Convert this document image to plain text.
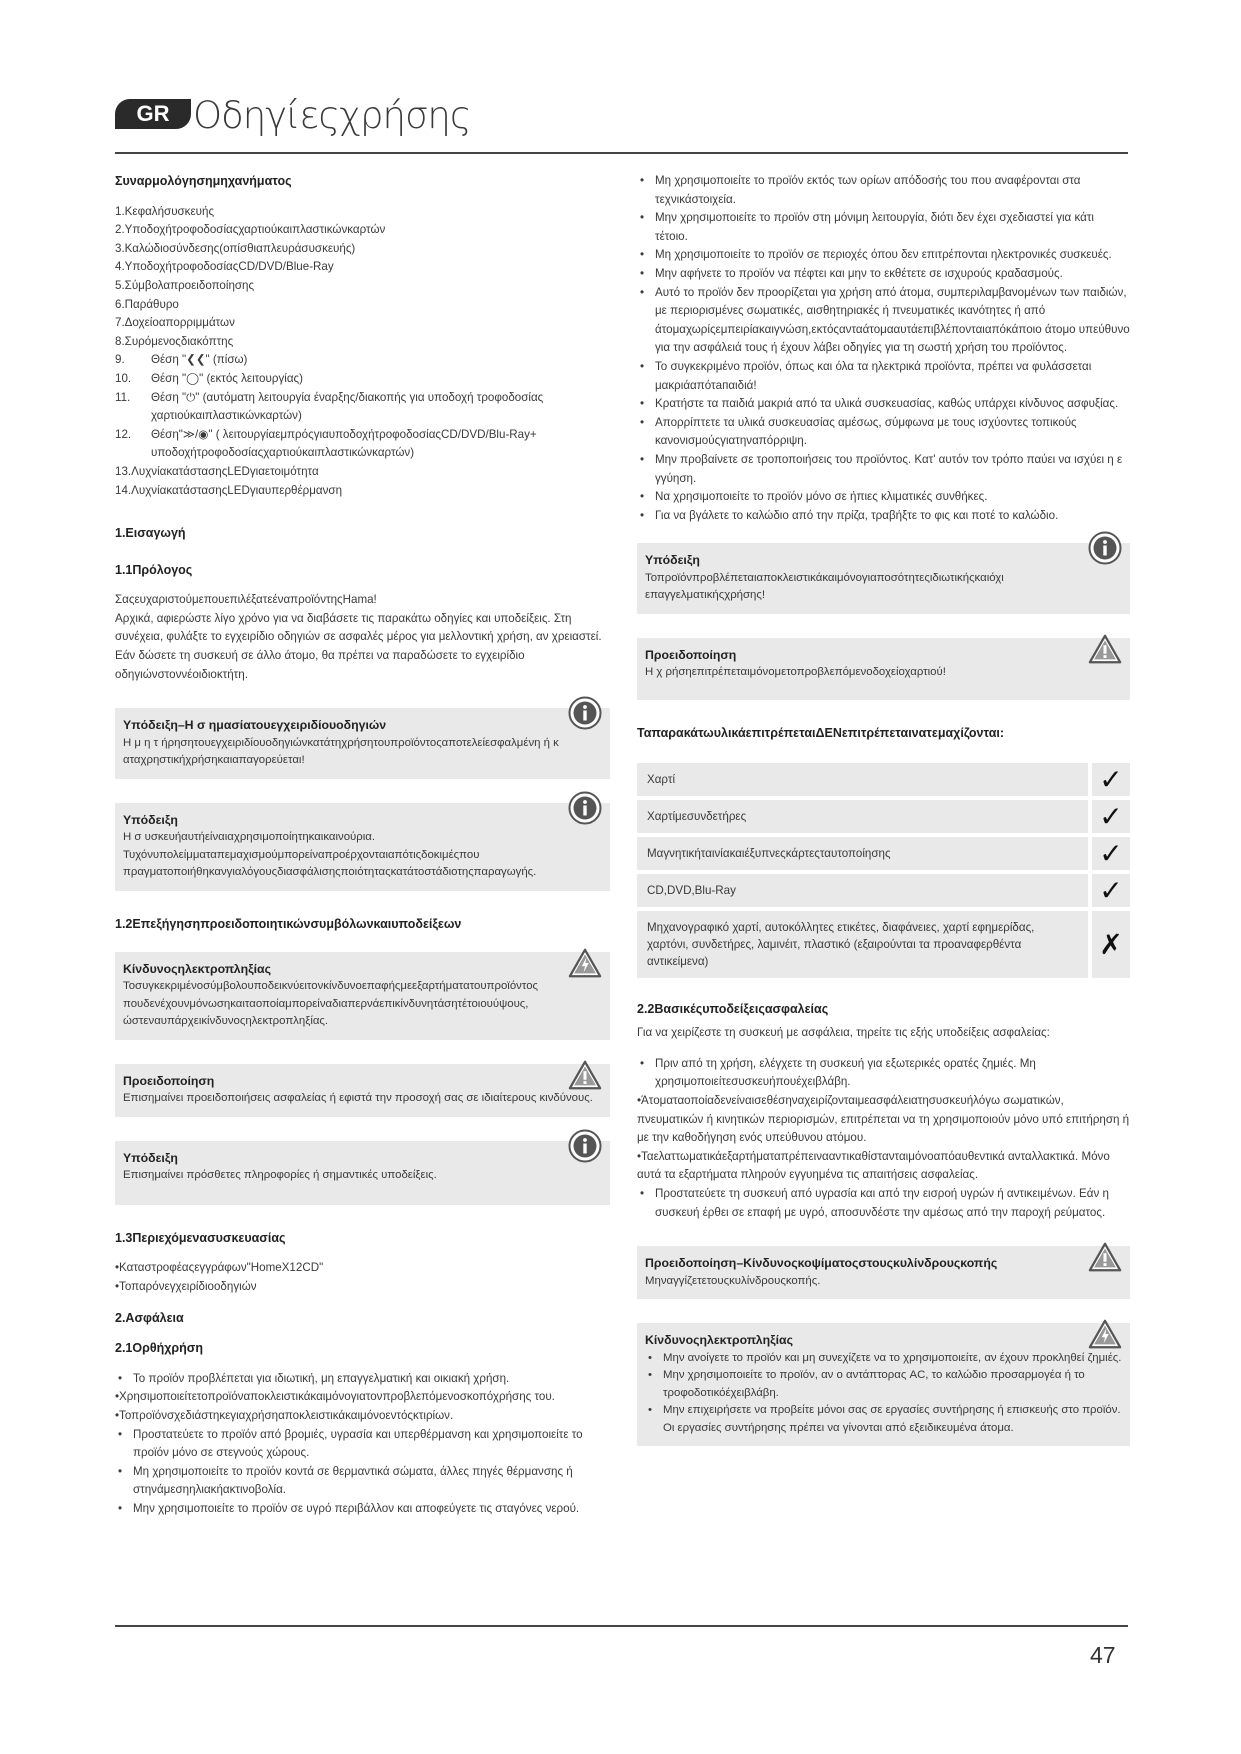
GR Οδηγίεςχρήσης
Συναρμολόγησημηχανήματος
1.Κεφαλήσυσκευής
2.Υποδοχήτροφοδοσίαςχαρτιούκαιπλαστικώνκαρτών
3.Καλώδιοσύνδεσης(οπίσθιαπλευράσυσκευής)
4.ΥποδοχήτροφοδοσίαςCD/DVD/Blue-Ray
5.Σύμβολαπροειδοποίησης
6.Παράθυρο
7.Δοχείοαπορριμμάτων
8.Συρόμενοςδιακόπτης
9.	Θέση "❮❮" (πίσω)
10.	Θέση "◯" (εκτός λειτουργίας)
11.	Θέση "⏻" (αυτόματη λειτουργία έναρξης/διακοπής για υποδοχή τροφοδοσίας χαρτιούκαιπλαστικώνκαρτών)
12.	Θέση"≫/◉" ( λειτουργίαεμπρόςγιαυποδοχήτροφοδοσίαςCD/DVD/Blu-Ray+ υποδοχήτροφοδοσίαςχαρτιούκαιπλαστικώνκαρτών)
13.ΛυχνίακατάστασηςLEDγιαετοιμότητα
14.ΛυχνίακατάστασηςLEDγιαυπερθέρμανση
1.Εισαγωγή
1.1Πρόλογος

ΣαςευχαριστούμεπουεπιλέξατεέναπροϊόντηςHama!

Αρχικά, αφιερώστε λίγο χρόνο για να διαβάσετε τις παρακάτω οδηγίες και υποδείξεις. Στη συνέχεια, φυλάξτε το εγχειρίδιο οδηγιών σε ασφαλές μέρος για μελλοντική χρήση, αν χρειαστεί. Εάν δώσετε τη συσκευή σε άλλο άτομο, θα πρέπει να παραδώσετε το εγχειρίδιο οδηγιώνστοννέοιδιοκτήτη.

Υπόδειξη–Η σ ημασίατουεγχειριδίουοδηγιών
Η μ η τ ήρησητουεγχειριδίουοδηγιώνκατάτηχρήσητουπροϊόντοςαποτελείεσφαλμένη ή κ αταχρηστικήχρήσηκαιαπαγορεύεται!
Υπόδειξη
Η σ υσκευήαυτήείναιαχρησιμοποίητηκαικαινούρια.
Τυχόνυπολείμματαπεμαχισμούμπορείναπροέρχονταιαπότιςδοκιμέςπου πραγματοποιήθηκανγιαλόγουςδιασφάλισηςποιότηταςκατάτοστάδιοτηςπαραγωγής.
1.2Επεξήγησηπροειδοποιητικώνσυμβόλωνκαιυποδείξεων
Κίνδυνοςηλεκτροπληξίας
Τοσυγκεκριμένοσύμβολουποδεικνύειτονκίνδυνοεπαφήςμεεξαρτήματατουπροϊόντος πουδενέχουνμόνωσηκαιταοποίαμπορείναδιαπερνάεπικίνδυνητάσητέτοιουύψους, ώστεναυπάρχεικίνδυνοςηλεκτροπληξίας.
Προειδοποίηση
Επισημαίνει προειδοποιήσεις ασφαλείας ή εφιστά την προσοχή σας σε ιδιαίτερους κινδύνους.
Υπόδειξη
Επισημαίνει πρόσθετες πληροφορίες ή σημαντικές υποδείξεις.
1.3Περιεχόμενασυσκευασίας
•Καταστροφέαςεγγράφων"HomeX12CD"
•Τοπαρόνεγχειρίδιοοδηγιών
2.Ασφάλεια
2.1Ορθήχρήση
• Το προϊόν προβλέπεται για ιδιωτική, μη επαγγελματική και οικιακή χρήση.
•Χρησιμοποιείτετοπροϊόναποκλειστικάκαιμόνογιατονπροβλεπόμενοσκοπόχρήσης του.
•Τοπροϊόνσχεδιάστηκεγιαχρήσηαποκλειστικάκαιμόνοεντόςκτιρίων.
• Προστατεύετε το προϊόν από βρομιές, υγρασία και υπερθέρμανση και χρησιμοποιείτε το προϊόν μόνο σε στεγνούς χώρους.
• Μη χρησιμοποιείτε το προϊόν κοντά σε θερμαντικά σώματα, άλλες πηγές θέρμανσης ή στηνάμεσηηλιακήακτινοβολία.
• Μην χρησιμοποιείτε το προϊόν σε υγρό περιβάλλον και αποφεύγετε τις σταγόνες νερού.
• Μη χρησιμοποιείτε το προϊόν εκτός των ορίων απόδοσής του που αναφέρονται στα τεχνικάστοιχεία.
• Μην χρησιμοποιείτε το προϊόν στη μόνιμη λειτουργία, διότι δεν έχει σχεδιαστεί για κάτι τέτοιο.
• Μη χρησιμοποιείτε το προϊόν σε περιοχές όπου δεν επιτρέπονται ηλεκτρονικές συσκευές.
• Μην αφήνετε το προϊόν να πέφτει και μην το εκθέτετε σε ισχυρούς κραδασμούς.
• Αυτό το προϊόν δεν προορίζεται για χρήση από άτομα, συμπεριλαμβανομένων των παιδιών, με περιορισμένες σωματικές, αισθητηριακές ή πνευματικές ικανότητες ή από άτομαχωρίςεμπειρίακαιγνώση,εκτόςανταάτομααυτάεπιβλέπονταιαπόκάποιο άτομο υπεύθυνο για την ασφάλειά τους ή έχουν λάβει οδηγίες για τη σωστή χρήση του προϊόντος.
• Το συγκεκριμένο προϊόν, όπως και όλα τα ηλεκτρικά προϊόντα, πρέπει να φυλάσσεται μακριάαπότапαιδιά!
• Κρατήστε τα παιδιά μακριά από τα υλικά συσκευασίας, καθώς υπάρχει κίνδυνος ασφυξίας.
• Απορρίπτετε τα υλικά συσκευασίας αμέσως, σύμφωνα με τους ισχύοντες τοπικούς κανονισμούςγιατηναπόρριψη.
• Μην προβαίνετε σε τροποποιήσεις του προϊόντος. Κατ' αυτόν τον τρόπο παύει να ισχύει η ε γγύηση.
• Να χρησιμοποιείτε το προϊόν μόνο σε ήπιες κλιματικές συνθήκες.
• Για να βγάλετε το καλώδιο από την πρίζα, τραβήξτε το φις και ποτέ το καλώδιο.
Υπόδειξη
Τοπροϊόνπροβλέπεταιαποκλειστικάκαιμόνογιαποσότητεςιδιωτικήςκαιόχι επαγγελματικήςχρήσης!
Προειδοποίηση
Η χ ρήσηεπιτρέπεταιμόνομετοπροβλεπόμενοδοχείοχαρτιού!
ΤαπαρακάτωυλικάεπιτρέπεταιΔΕΝεπιτρέπεταινατεμαχίζονται:
Χαρτί	✓
Χαρτίμεσυνδετήρες	✓
Μαγνητικήταινίακαιέξυπνεςκάρτεςταυτοποίησης	✓
CD,DVD,Blu-Ray	✓
Μηχανογραφικό χαρτί, αυτοκόλλητες ετικέτες, διαφάνειες, χαρτί εφημερίδας, χαρτόνι, συνδετήρες, λαμινέιτ, πλαστικό (εξαιρούνται τα προαναφερθέντα αντικείμενα)	✗
2.2Βασικέςυποδείξειςασφαλείας

Για να χειρίζεστε τη συσκευή με ασφάλεια, τηρείτε τις εξής υποδείξεις ασφαλείας:

• Πριν από τη χρήση, ελέγχετε τη συσκευή για εξωτερικές ορατές ζημιές. Μη χρησιμοποιείτεσυσκευήπουέχειβλάβη.
•Άτοματαοποίαδενείναισεθέσηναχειρίζονταιμεασφάλειατησυσκευήλόγω σωματικών, πνευματικών ή κινητικών περιορισμών, επιτρέπεται να τη χρησιμοποιούν μόνο υπό επιτήρηση ή με την καθοδήγηση ενός υπεύθυνου ατόμου.
•Ταελαττωματικάεξαρτήματαπρέπειναανтικαθίστανταιμόνοαπόαυθεντικά ανταλλακτικά. Μόνο αυτά τα εξαρτήματα πληρούν εγγυημένα τις απαιτήσεις ασφαλείας.
• Προστατεύετε τη συσκευή από υγρασία και από την εισροή υγρών ή αντικειμένων. Εάν η συσκευή έρθει σε επαφή με υγρό, αποσυνδέστε την αμέσως από την παροχή ρεύματος.
Προειδοποίηση–Κίνδυνοςκοψίματοςστουςκυλίνδρουςκοπής
Μηναγγίζετετουςκυλίνδρουςκοπής.
Κίνδυνοςηλεκτροπληξίας
• Μην ανοίγετε το προϊόν και μη συνεχίζετε να το χρησιμοποιείτε, αν έχουν προκληθεί ζημιές.
• Μην χρησιμοποιείτε το προϊόν, αν ο αντάπτορας AC, το καλώδιο προσαρμογέα ή το τροφοδοτικόέχειβλάβη.
• Μην επιχειρήσετε να προβείτε μόνοι σας σε εργασίες συντήρησης ή επισκευής στο προϊόν. Οι εργασίες συντήρησης πρέπει να γίνονται από εξειδικευμένα άτομα.
47
